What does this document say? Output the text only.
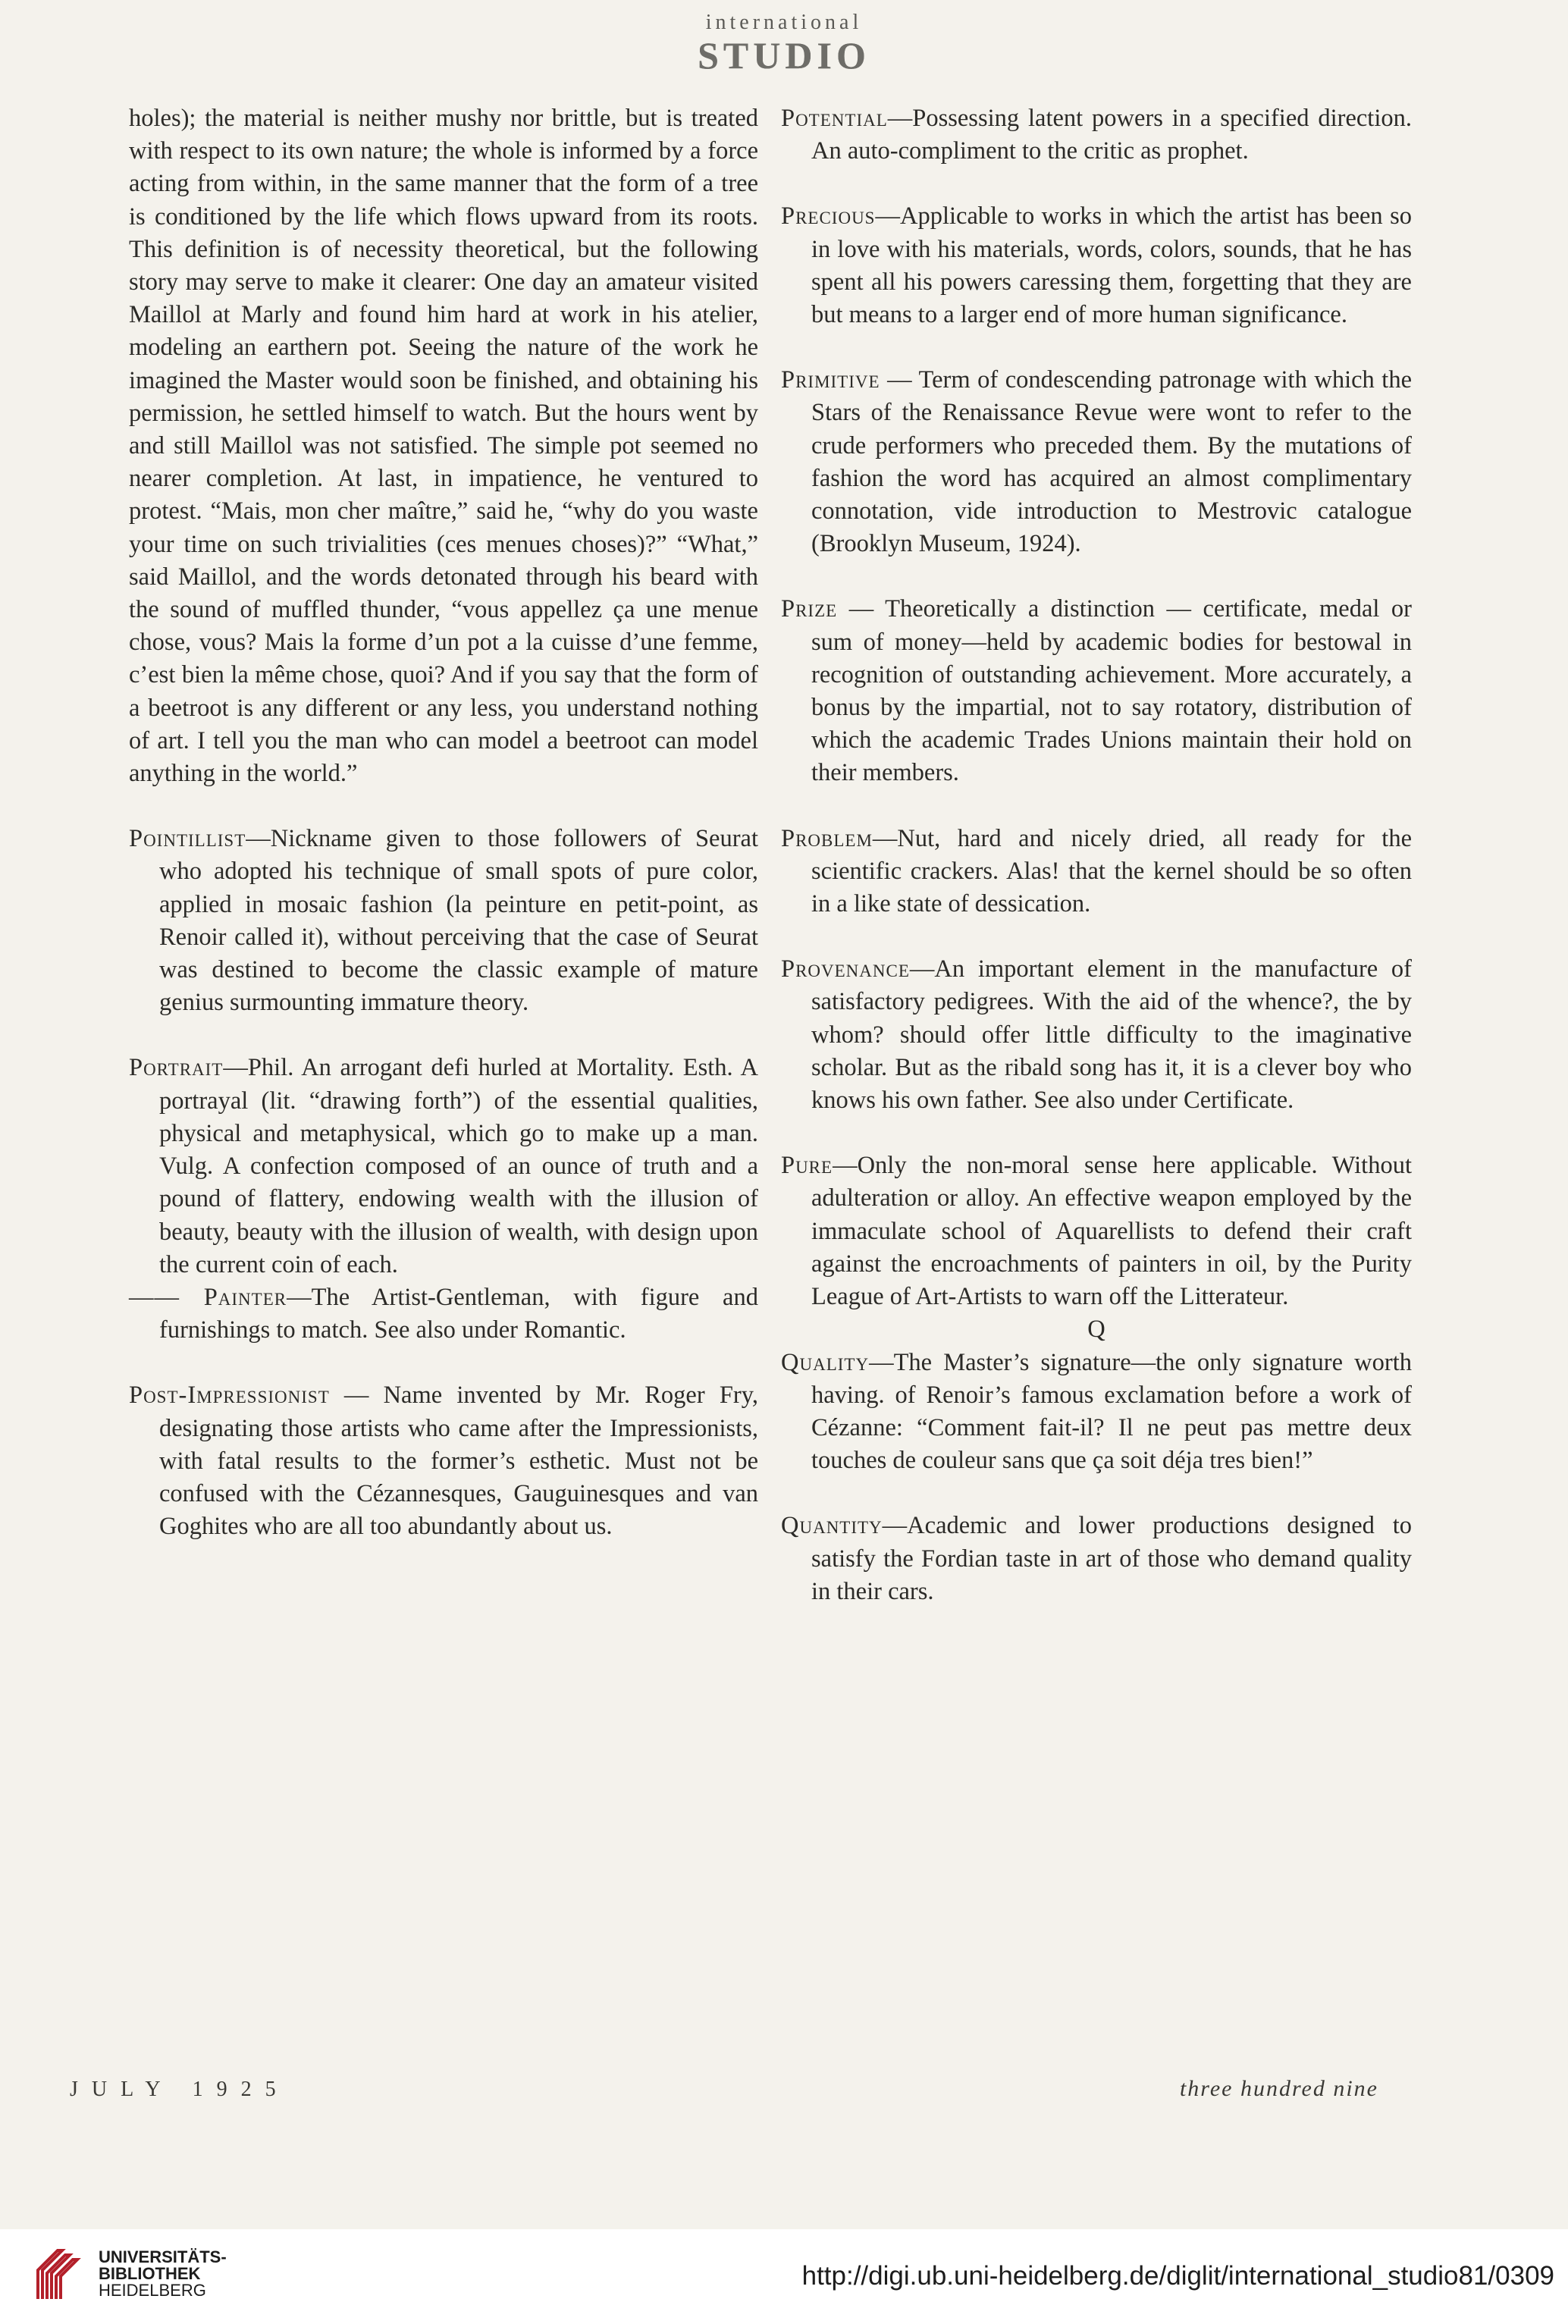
international
STUDIO

holes); the material is neither mushy nor brittle, but is treated with respect to its own nature; the whole is informed by a force acting from within, in the same manner that the form of a tree is conditioned by the life which flows upward from its roots. This definition is of necessity theoretical, but the following story may serve to make it clearer: One day an amateur visited Maillol at Marly and found him hard at work in his atelier, modeling an earthern pot. Seeing the nature of the work he imagined the Master would soon be finished, and obtaining his permission, he settled himself to watch. But the hours went by and still Maillol was not satisfied. The simple pot seemed no nearer completion. At last, in impatience, he ventured to protest. “Mais, mon cher maître,” said he, “why do you waste your time on such trivialities (ces menues choses)?” “What,” said Maillol, and the words detonated through his beard with the sound of muffled thunder, “vous appellez ça une menue chose, vous? Mais la forme d’un pot a la cuisse d’une femme, c’est bien la même chose, quoi? And if you say that the form of a beetroot is any different or any less, you understand nothing of art. I tell you the man who can model a beetroot can model anything in the world.”

Pointillist—Nickname given to those followers of Seurat who adopted his technique of small spots of pure color, applied in mosaic fashion (la peinture en petit-point, as Renoir called it), without perceiving that the case of Seurat was destined to become the classic example of mature genius surmounting immature theory.

Portrait—Phil. An arrogant defi hurled at Mortality. Esth. A portrayal (lit. “drawing forth”) of the essential qualities, physical and metaphysical, which go to make up a man. Vulg. A confection composed of an ounce of truth and a pound of flattery, endowing wealth with the illusion of beauty, beauty with the illusion of wealth, with design upon the current coin of each.

—— Painter—The Artist-Gentleman, with figure and furnishings to match. See also under Romantic.

Post-Impressionist — Name invented by Mr. Roger Fry, designating those artists who came after the Impressionists, with fatal results to the former’s esthetic. Must not be confused with the Cézannesques, Gauguinesques and van Goghites who are all too abundantly about us.

Potential—Possessing latent powers in a specified direction. An auto-compliment to the critic as prophet.

Precious—Applicable to works in which the artist has been so in love with his materials, words, colors, sounds, that he has spent all his powers caressing them, forgetting that they are but means to a larger end of more human significance.

Primitive — Term of condescending patronage with which the Stars of the Renaissance Revue were wont to refer to the crude performers who preceded them. By the mutations of fashion the word has acquired an almost complimentary connotation, vide introduction to Mestrovic catalogue (Brooklyn Museum, 1924).

Prize — Theoretically a distinction — certificate, medal or sum of money—held by academic bodies for bestowal in recognition of outstanding achievement. More accurately, a bonus by the impartial, not to say rotatory, distribution of which the academic Trades Unions maintain their hold on their members.

Problem—Nut, hard and nicely dried, all ready for the scientific crackers. Alas! that the kernel should be so often in a like state of dessication.

Provenance—An important element in the manufacture of satisfactory pedigrees. With the aid of the whence?, the by whom? should offer little difficulty to the imaginative scholar. But as the ribald song has it, it is a clever boy who knows his own father. See also under Certificate.

Pure—Only the non-moral sense here applicable. Without adulteration or alloy. An effective weapon employed by the immaculate school of Aquarellists to defend their craft against the encroachments of painters in oil, by the Purity League of Art-Artists to warn off the Litterateur.

Q

Quality—The Master’s signature—the only signature worth having. of Renoir’s famous exclamation before a work of Cézanne: “Comment fait-il? Il ne peut pas mettre deux touches de couleur sans que ça soit déja tres bien!”

Quantity—Academic and lower productions designed to satisfy the Fordian taste in art of those who demand quality in their cars.

JULY 1925	three hundred nine
UNIVERSITÄTS-
BIBLIOTHEK
HEIDELBERG	http://digi.ub.uni-heidelberg.de/diglit/international_studio81/0309
